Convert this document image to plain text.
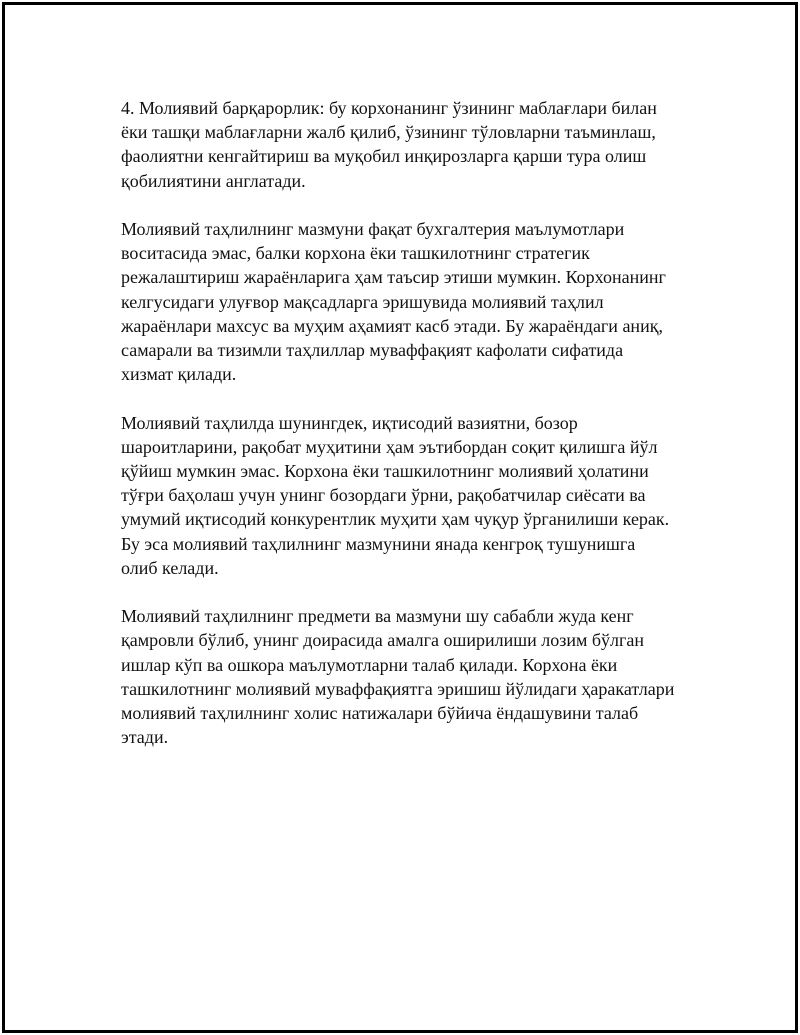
4. Молиявий барқарорлик: бу корхонанинг ўзининг маблағлари билан
ёки ташқи маблағларни жалб қилиб, ўзининг тўловларни таъминлаш,
фаолиятни кенгайтириш ва муқобил инқирозларга қарши тура олиш
қобилиятини англатади.

Молиявий таҳлилнинг мазмуни фақат бухгалтерия маълумотлари
воситасида эмас, балки корхона ёки ташкилотнинг стратегик
режалаштириш жараёнларига ҳам таъсир этиши мумкин. Корхонанинг
келгусидаги улуғвор мақсадларга эришувида молиявий таҳлил
жараёнлари махсус ва муҳим аҳамият касб этади. Бу жараёндаги аниқ,
самарали ва тизимли таҳлиллар муваффақият кафолати сифатида
хизмат қилади.

Молиявий таҳлилда шунингдек, иқтисодий вазиятни, бозор
шароитларини, рақобат муҳитини ҳам эътибордан соқит қилишга йўл
қўйиш мумкин эмас. Корхона ёки ташкилотнинг молиявий ҳолатини
тўғри баҳолаш учун унинг бозордаги ўрни, рақобатчилар сиёсати ва
умумий иқтисодий конкурентлик муҳити ҳам чуқур ўрганилиши керак.
Бу эса молиявий таҳлилнинг мазмунини янада кенгроқ тушунишга
олиб келади.

Молиявий таҳлилнинг предмети ва мазмуни шу сабабли жуда кенг
қамровли бўлиб, унинг доирасида амалга оширилиши лозим бўлган
ишлар кўп ва ошкора маълумотларни талаб қилади. Корхона ёки
ташкилотнинг молиявий муваффақиятга эришиш йўлидаги ҳаракатлари
молиявий таҳлилнинг холис натижалари бўйича ёндашувини талаб
этади.
